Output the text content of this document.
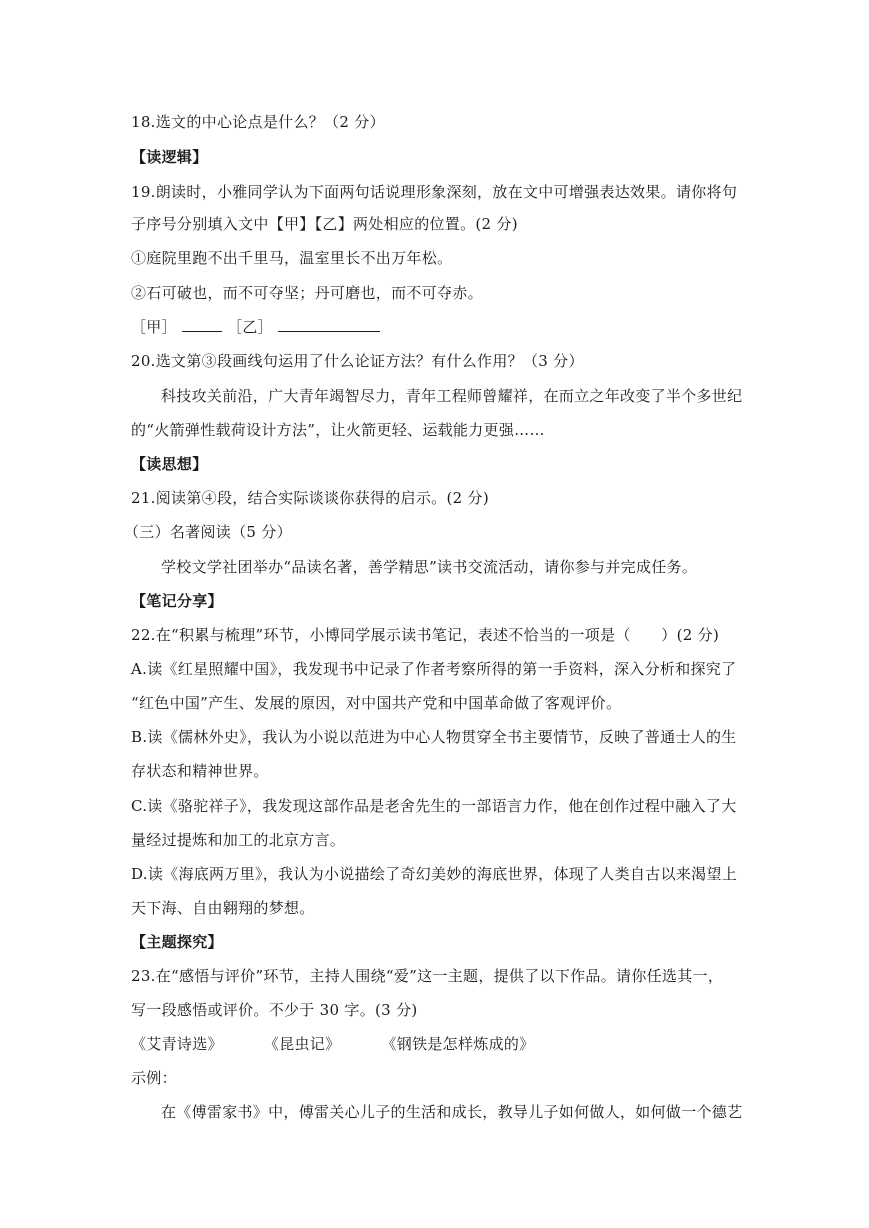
18.选文的中心论点是什么？（2 分）
【读逻辑】
19.朗读时，小雅同学认为下面两句话说理形象深刻，放在文中可增强表达效果。请你将句
子序号分别填入文中【甲】【乙】两处相应的位置。(2 分)
①庭院里跑不出千里马，温室里长不出万年松。
②石可破也，而不可夺坚；丹可磨也，而不可夺赤。
［甲］	［乙］
20.选文第③段画线句运用了什么论证方法？有什么作用？（3 分）
科技攻关前沿，广大青年竭智尽力，青年工程师曾耀祥，在而立之年改变了半个多世纪
的“火箭弹性载荷设计方法”，让火箭更轻、运载能力更强……
【读思想】
21.阅读第④段，结合实际谈谈你获得的启示。(2 分)
（三）名著阅读（5 分）
学校文学社团举办“品读名著，善学精思”读书交流活动，请你参与并完成任务。
【笔记分享】
22.在“积累与梳理”环节，小博同学展示读书笔记，表述不恰当的一项是（　　）(2 分)
A.读《红星照耀中国》，我发现书中记录了作者考察所得的第一手资料，深入分析和探究了
“红色中国”产生、发展的原因，对中国共产党和中国革命做了客观评价。
B.读《儒林外史》，我认为小说以范进为中心人物贯穿全书主要情节，反映了普通士人的生
存状态和精神世界。
C.读《骆驼祥子》，我发现这部作品是老舍先生的一部语言力作，他在创作过程中融入了大
量经过提炼和加工的北京方言。
D.读《海底两万里》，我认为小说描绘了奇幻美妙的海底世界，体现了人类自古以来渴望上
天下海、自由翱翔的梦想。
【主题探究】
23.在“感悟与评价”环节，主持人围绕“爱”这一主题，提供了以下作品。请你任选其一，
写一段感悟或评价。不少于 30 字。(3 分)
《艾青诗选》	《昆虫记》	《钢铁是怎样炼成的》
示例：
在《傅雷家书》中，傅雷关心儿子的生活和成长，教导儿子如何做人，如何做一个德艺
